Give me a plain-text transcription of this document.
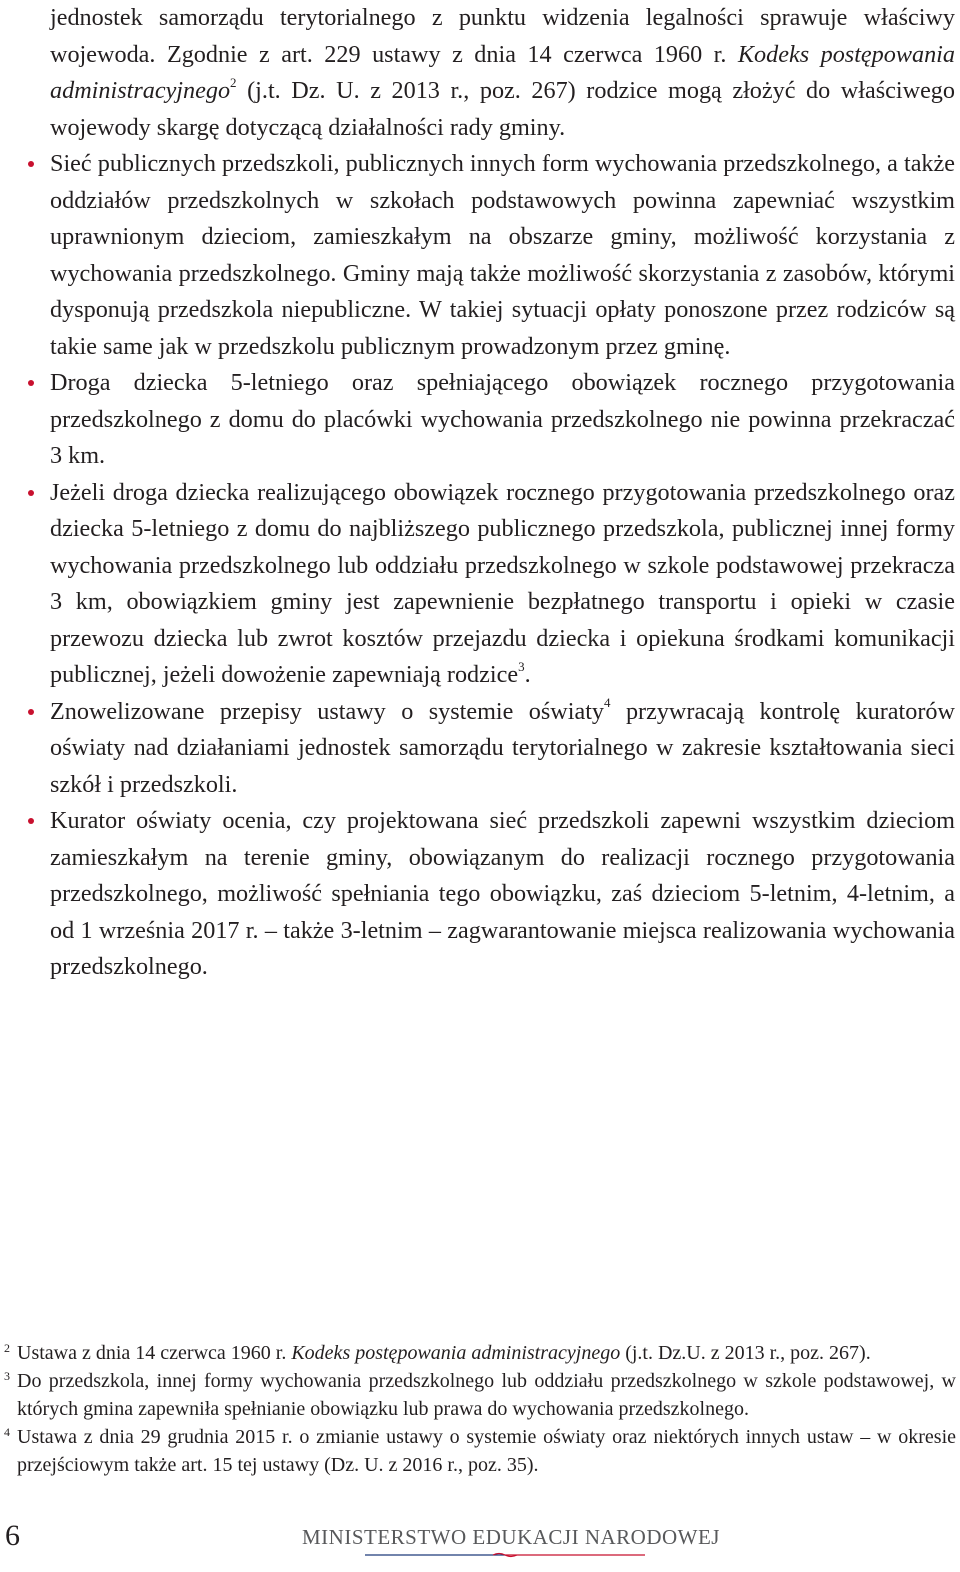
jednostek samorządu terytorialnego z punktu widzenia legalności sprawuje właściwy wojewoda. Zgodnie z art. 229 ustawy z dnia 14 czerwca 1960 r. Kodeks postępowania administracyjnego$^2$ (j.t. Dz. U. z 2013 r., poz. 267) rodzice mogą złożyć do właściwego wojewody skargę dotyczącą działalności rady gminy.

Sieć publicznych przedszkoli, publicznych innych form wychowania przedszkolnego, a także oddziałów przedszkolnych w szkołach podstawowych powinna zapewniać wszystkim uprawnionym dzieciom, zamieszkałym na obszarze gminy, możliwość korzystania z wychowania przedszkolnego. Gminy mają także możliwość skorzystania z zasobów, którymi dysponują przedszkola niepubliczne. W takiej sytuacji opłaty ponoszone przez rodziców są takie same jak w przedszkolu publicznym prowadzonym przez gminę.

Droga dziecka 5-letniego oraz spełniającego obowiązek rocznego przygotowania przedszkolnego z domu do placówki wychowania przedszkolnego nie powinna przekraczać 3 km.

Jeżeli droga dziecka realizującego obowiązek rocznego przygotowania przedszkolnego oraz dziecka 5-letniego z domu do najbliższego publicznego przedszkola, publicznej innej formy wychowania przedszkolnego lub oddziału przedszkolnego w szkole podstawowej przekracza 3 km, obowiązkiem gminy jest zapewnienie bezpłatnego transportu i opieki w czasie przewozu dziecka lub zwrot kosztów przejazdu dziecka i opiekuna środkami komunikacji publicznej, jeżeli dowożenie zapewniają rodzice$^3$.

Znowelizowane przepisy ustawy o systemie oświaty$^4$ przywracają kontrolę kuratorów oświaty nad działaniami jednostek samorządu terytorialnego w zakresie kształtowania sieci szkół i przedszkoli.

Kurator oświaty ocenia, czy projektowana sieć przedszkoli zapewni wszystkim dzieciom zamieszkałym na terenie gminy, obowiązanym do realizacji rocznego przygotowania przedszkolnego, możliwość spełniania tego obowiązku, zaś dzieciom 5-letnim, 4-letnim, a od 1 września 2017 r. – także 3-letnim – zagwarantowanie miejsca realizowania wychowania przedszkolnego.

2 Ustawa z dnia 14 czerwca 1960 r. Kodeks postępowania administracyjnego (j.t. Dz.U. z 2013 r., poz. 267).

3 Do przedszkola, innej formy wychowania przedszkolnego lub oddziału przedszkolnego w szkole podstawowej, w których gmina zapewniła spełnianie obowiązku lub prawa do wychowania przedszkolnego.

4 Ustawa z dnia 29 grudnia 2015 r. o zmianie ustawy o systemie oświaty oraz niektórych innych ustaw – w okresie przejściowym także art. 15 tej ustawy (Dz. U. z 2016 r., poz. 35).

6	MINISTERSTWO EDUKACJI NARODOWEJ
